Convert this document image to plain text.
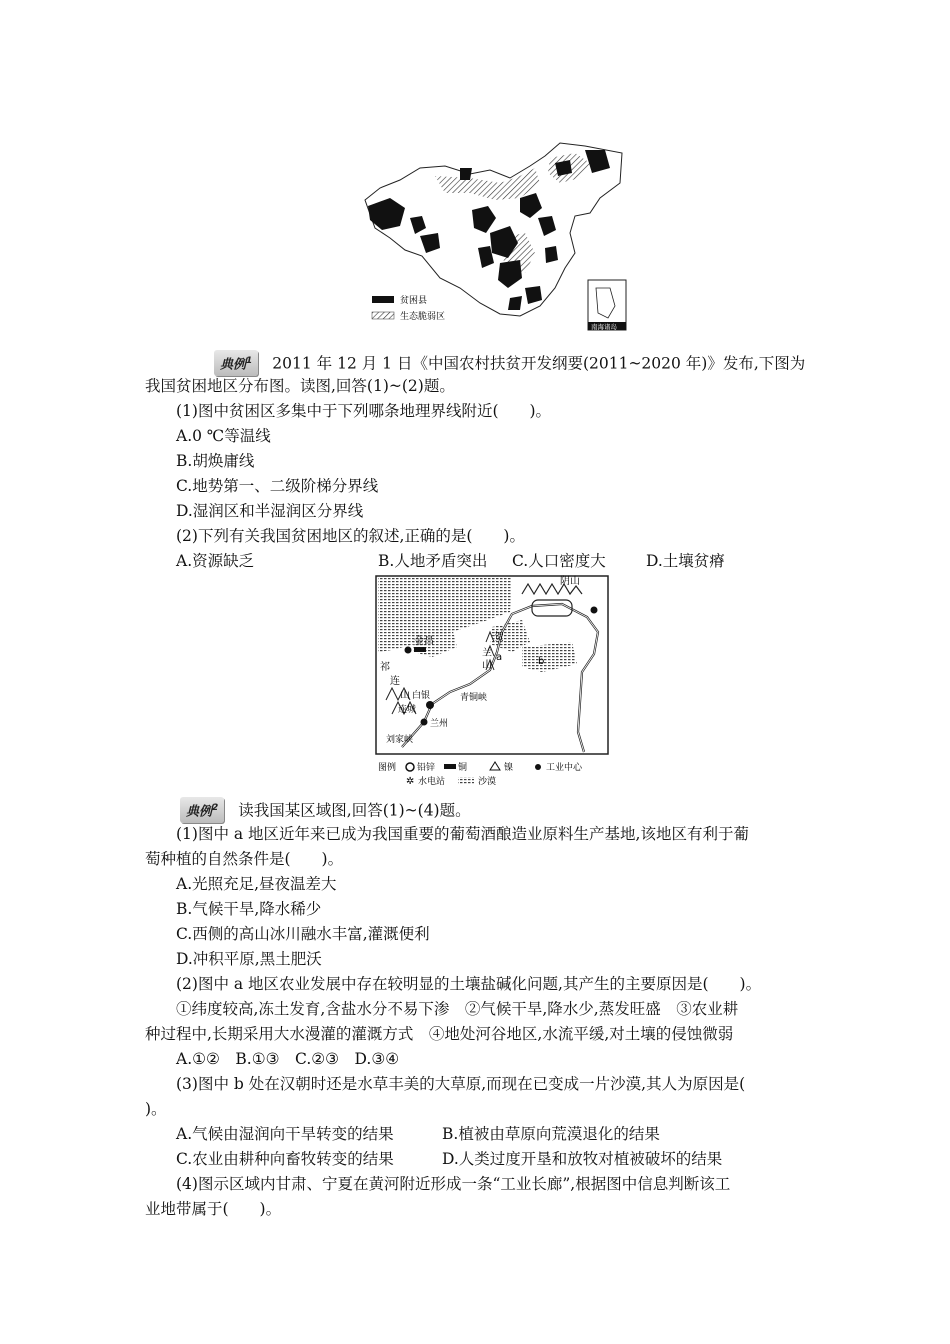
贫困县
生态脆弱区
南海诸岛
典例$^1$ 2011 年 12 月 1 日《中国农村扶贫开发纲要(2011~2020 年)》发布,下图为
我国贫困地区分布图。读图,回答(1)~(2)题。
(1)图中贫困区多集中于下列哪条地理界线附近(　　)。
A.0 ℃等温线
B.胡焕庸线
C.地势第一、二级阶梯分界线
D.湿润区和半湿润区分界线
(2)下列有关我国贫困地区的叙述,正确的是(　　)。
A.资源缺乏	B.人地矛盾突出 C.人口密度大	D.土壤贫瘠
阴山
贺
兰
山
祁
连
山
金昌
a	b
白银
连城
青铜峡
兰州
刘家峡
图例 铅锌	铜	镍	工业中心
✲ 水电站	沙漠
典例$^2$ 读我国某区域图,回答(1)~(4)题。
(1)图中 a 地区近年来已成为我国重要的葡萄酒酿造业原料生产基地,该地区有利于葡
萄种植的自然条件是(　　)。
A.光照充足,昼夜温差大
B.气候干旱,降水稀少
C.西侧的高山冰川融水丰富,灌溉便利
D.冲积平原,黑土肥沃
(2)图中 a 地区农业发展中存在较明显的土壤盐碱化问题,其产生的主要原因是(　　)。
①纬度较高,冻土发育,含盐水分不易下渗　②气候干旱,降水少,蒸发旺盛　③农业耕
种过程中,长期采用大水漫灌的灌溉方式　④地处河谷地区,水流平缓,对土壤的侵蚀微弱
A.①②　B.①③　C.②③　D.③④
(3)图中 b 处在汉朝时还是水草丰美的大草原,而现在已变成一片沙漠,其人为原因是(
)。
A.气候由湿润向干旱转变的结果	B.植被由草原向荒漠退化的结果
C.农业由耕种向畜牧转变的结果	D.人类过度开垦和放牧对植被破坏的结果
(4)图示区域内甘肃、宁夏在黄河附近形成一条“工业长廊”,根据图中信息判断该工
业地带属于(　　)。
